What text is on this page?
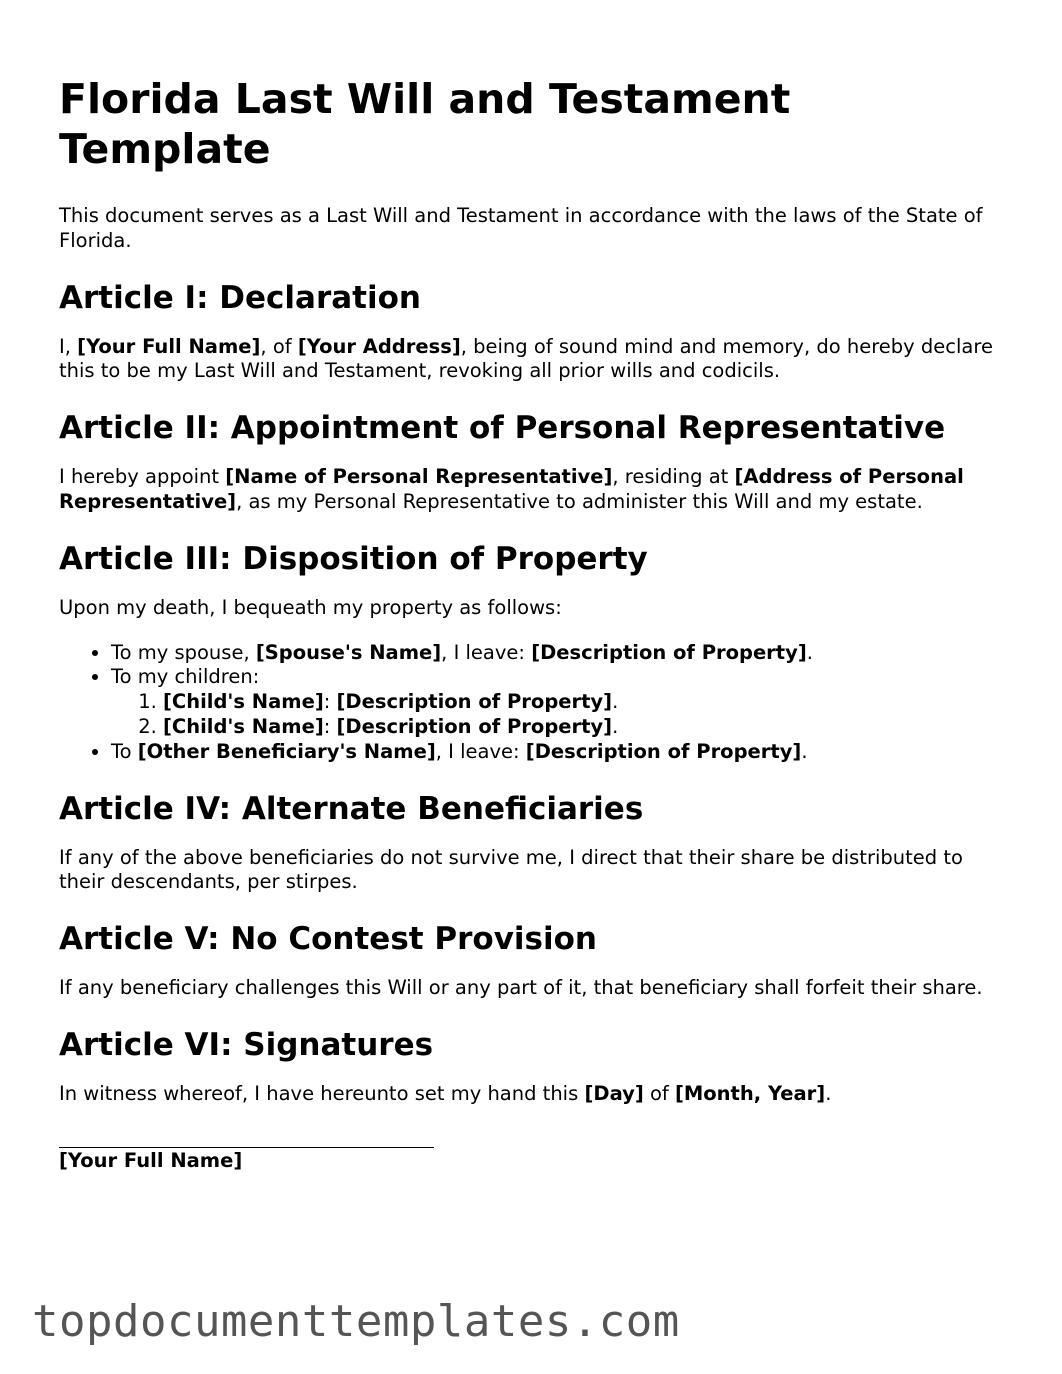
Florida Last Will and Testament Template

This document serves as a Last Will and Testament in accordance with the laws of the State of Florida.

Article I: Declaration

I, [Your Full Name], of [Your Address], being of sound mind and memory, do hereby declare this to be my Last Will and Testament, revoking all prior wills and codicils.

Article II: Appointment of Personal Representative

I hereby appoint [Name of Personal Representative], residing at [Address of Personal Representative], as my Personal Representative to administer this Will and my estate.

Article III: Disposition of Property

Upon my death, I bequeath my property as follows:

• To my spouse, [Spouse's Name], I leave: [Description of Property].
• To my children:
1. [Child's Name]: [Description of Property].
2. [Child's Name]: [Description of Property].
• To [Other Beneficiary's Name], I leave: [Description of Property].
Article IV: Alternate Beneficiaries

If any of the above beneficiaries do not survive me, I direct that their share be distributed to their descendants, per stirpes.

Article V: No Contest Provision

If any beneficiary challenges this Will or any part of it, that beneficiary shall forfeit their share.

Article VI: Signatures

In witness whereof, I have hereunto set my hand this [Day] of [Month, Year].

[Your Full Name]
topdocumenttemplates.com
